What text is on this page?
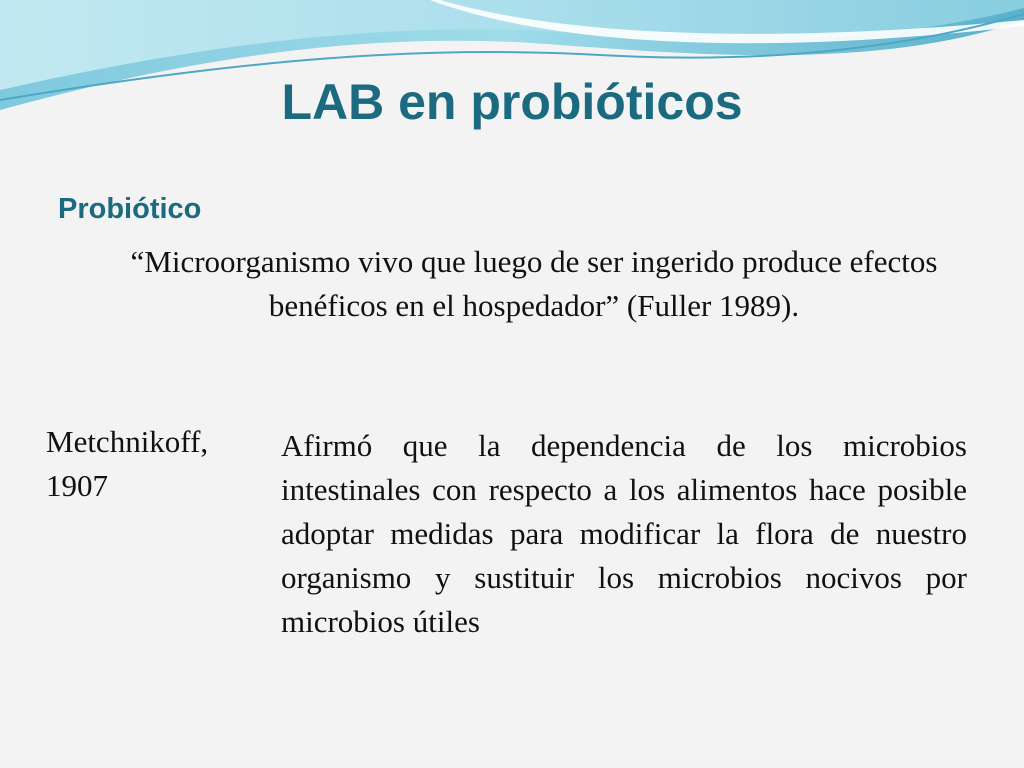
LAB en probióticos
Probiótico

“Microorganismo vivo que luego de ser ingerido produce efectos benéficos en el hospedador” (Fuller 1989).

Metchnikoff, 1907

Afirmó que la dependencia de los microbios intestinales con respecto a los alimentos hace posible adoptar medidas para modificar la flora de nuestro organismo y sustituir los microbios nocivos por microbios útiles
